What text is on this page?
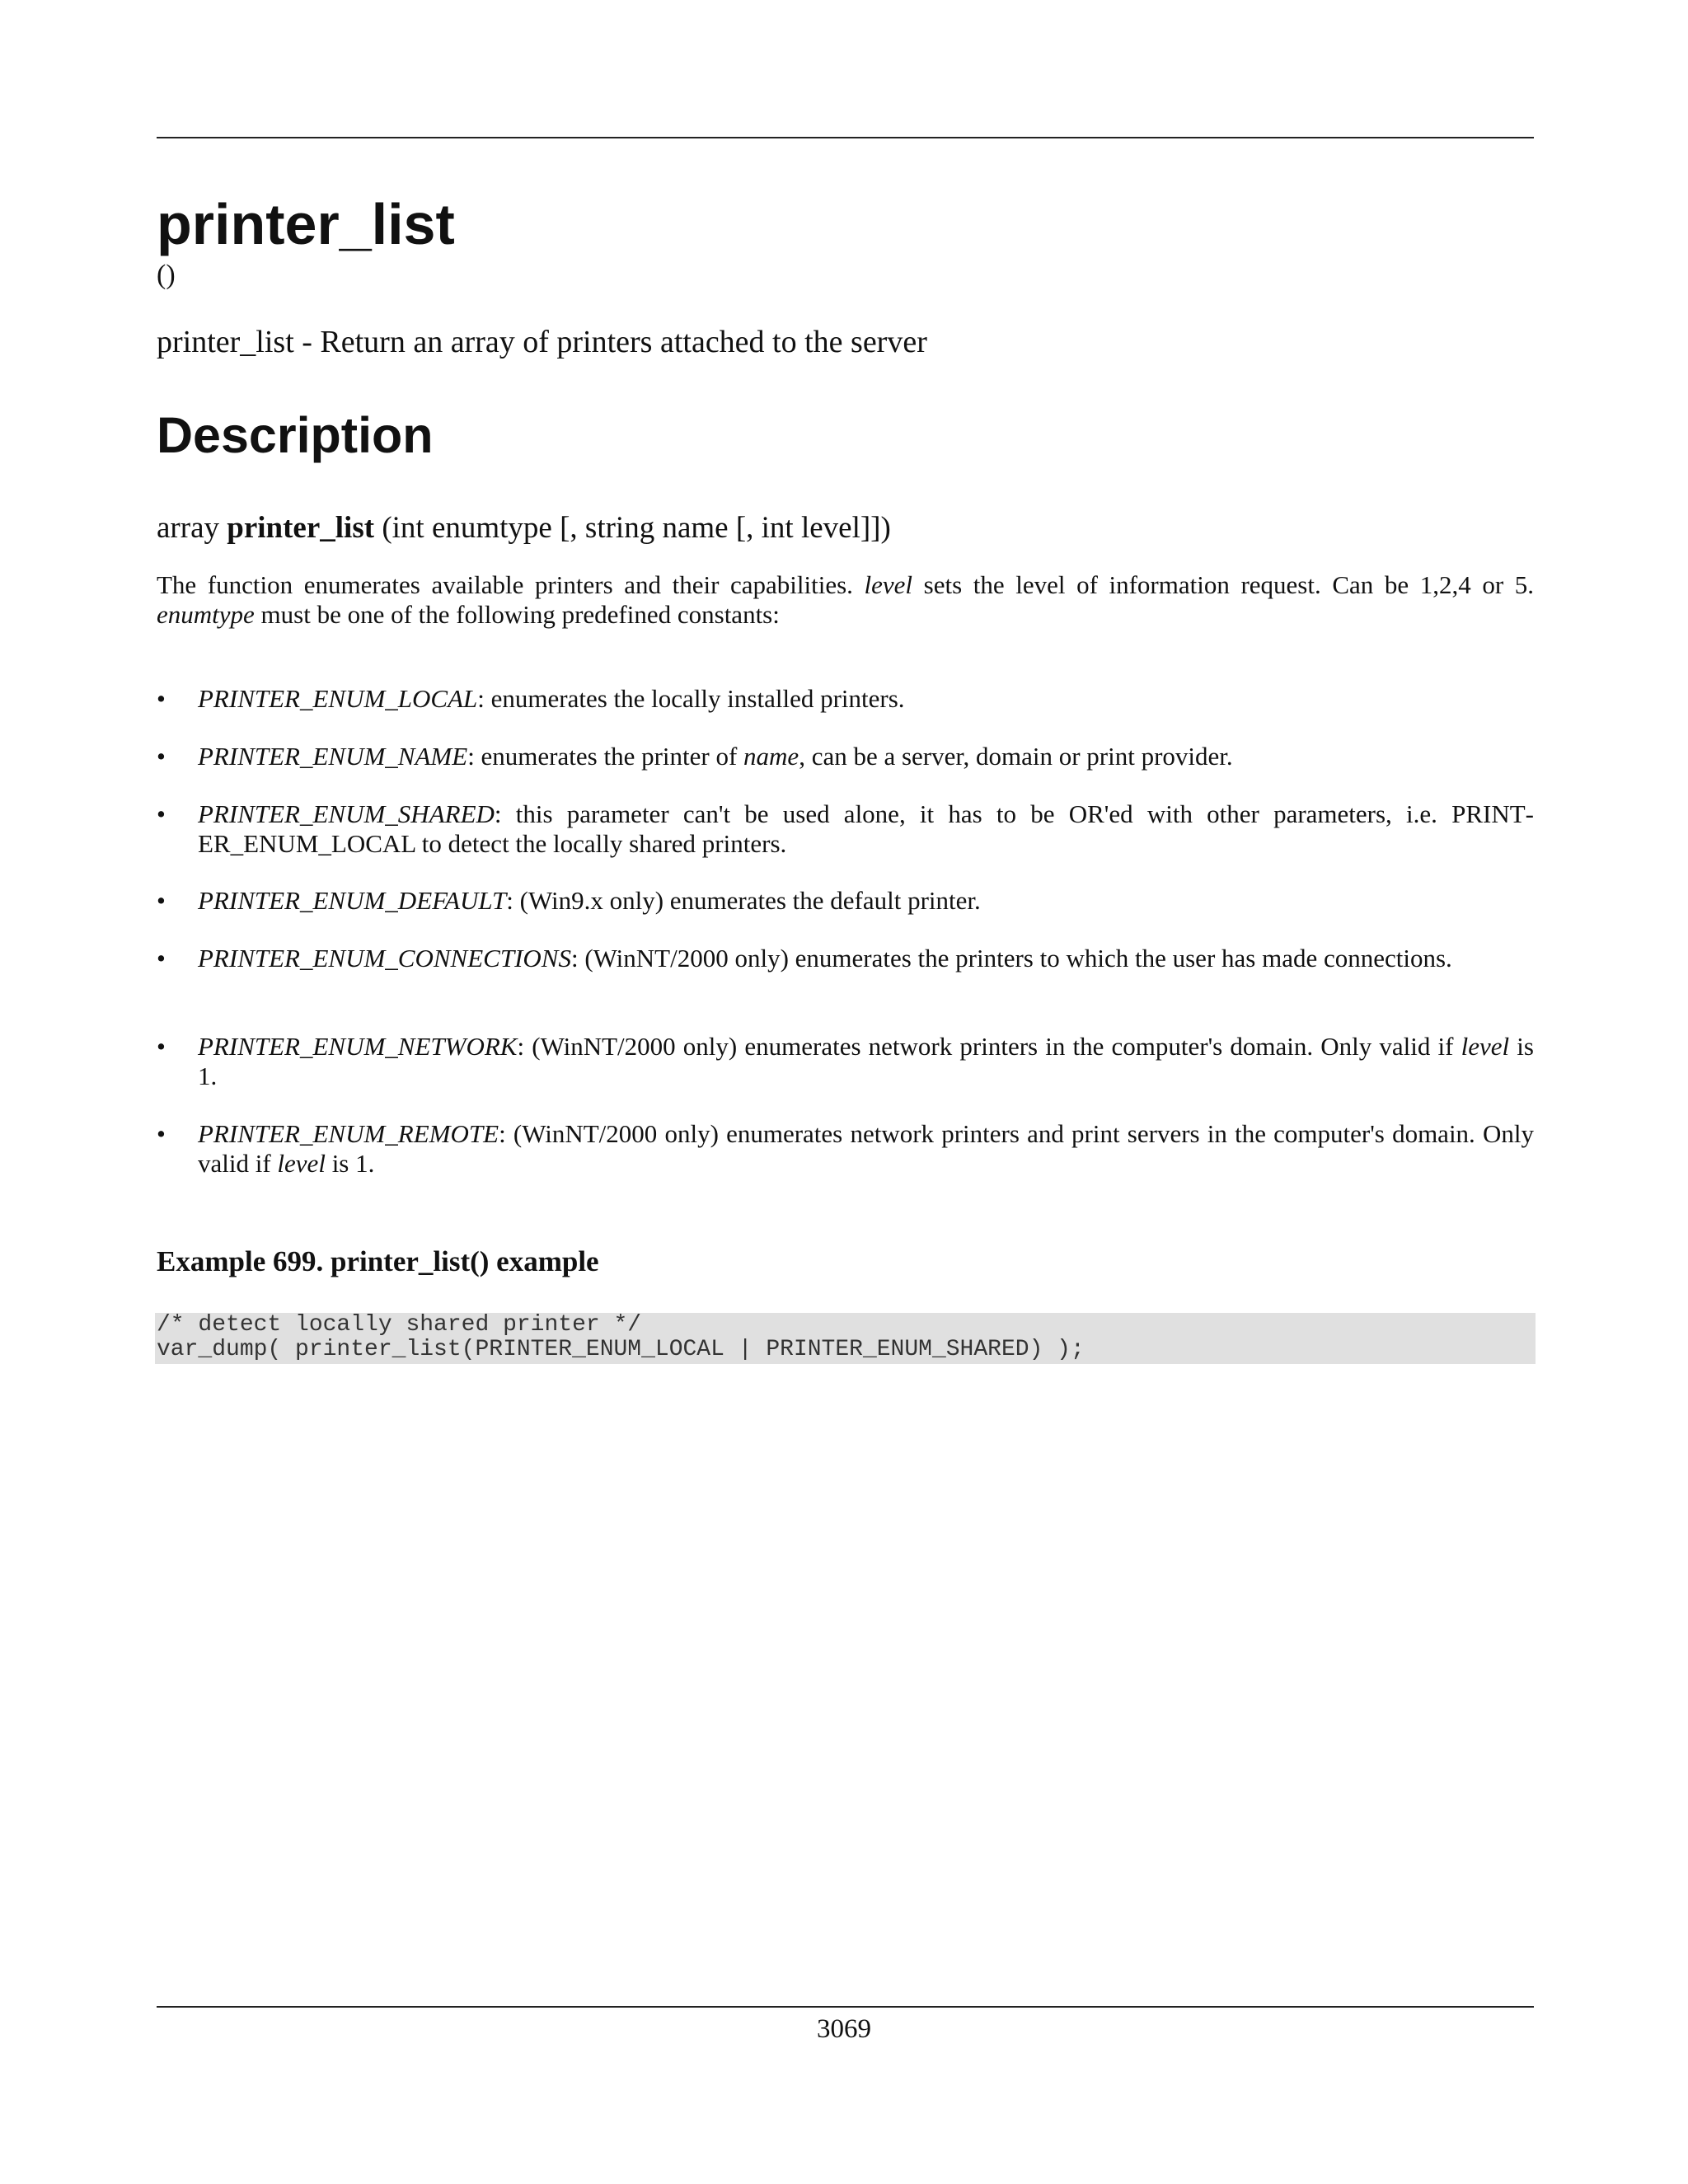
printer_list
()
printer_list - Return an array of printers attached to the server
Description
array printer_list (int enumtype [, string name [, int level]])

The function enumerates available printers and their capabilities. level sets the level of information request. Can be 1,2,4 or 5. enumtype must be one of the following predefined constants:

•	PRINTER_ENUM_LOCAL: enumerates the locally installed printers.
•	PRINTER_ENUM_NAME: enumerates the printer of name, can be a server, domain or print provider.
•	PRINTER_ENUM_SHARED: this parameter can't be used alone, it has to be OR'ed with other parameters, i.e. PRINTER_ENUM_LOCAL to detect the locally shared printers.
•	PRINTER_ENUM_DEFAULT: (Win9.x only) enumerates the default printer.
•	PRINTER_ENUM_CONNECTIONS: (WinNT/2000 only) enumerates the printers to which the user has made connections.
•	PRINTER_ENUM_NETWORK: (WinNT/2000 only) enumerates network printers in the computer's domain. Only valid if level is 1.
•	PRINTER_ENUM_REMOTE: (WinNT/2000 only) enumerates network printers and print servers in the computer's domain. Only valid if level is 1.
Example 699. printer_list() example
/* detect locally shared printer */
var_dump( printer_list(PRINTER_ENUM_LOCAL | PRINTER_ENUM_SHARED) );
3069
